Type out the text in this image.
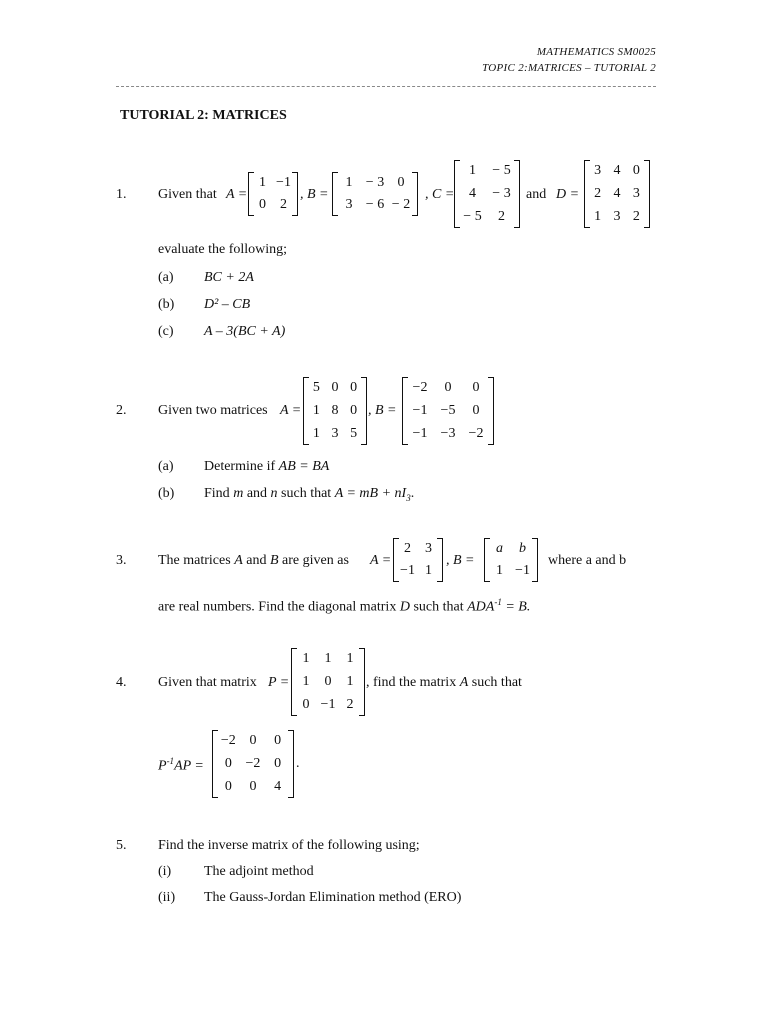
MATHEMATICS SM0025
TOPIC 2:MATRICES – TUTORIAL 2
TUTORIAL 2: MATRICES
1. Given that A =
1 −1
0	2
, B =
1 − 3 0
3 − 6 − 2
, C =
1	− 5
4	− 3
− 5	2
and D =
3 4 0
2 4 3
1 3 2
evaluate the following;
(a) BC + 2A
(b) D² – CB
(c) A – 3(BC + A)
2. Given two matrices A =
5 0 0
1 8 0
1 3 5
, B =
−2	0	0
−1 −5	0
−1 −3 −2
(a) Determine if AB = BA
(b) Find m and n such that A = mB + $nI_3$.
3. The matrices A and B are given as A =
2	3
−1 1
, B =
a	b
1 −1
where a and b
are real numbers. Find the diagonal matrix D such that $ADA^{-1} = B$.
4. Given that matrix P =
1	1	1
1	0	1
0 −1 2
, find the matrix A such that
$P^{-1}AP$ =
−2 0	0
0 −2 0
0	0	4
.
5. Find the inverse matrix of the following using;
(i) The adjoint method
(ii) The Gauss-Jordan Elimination method (ERO)
